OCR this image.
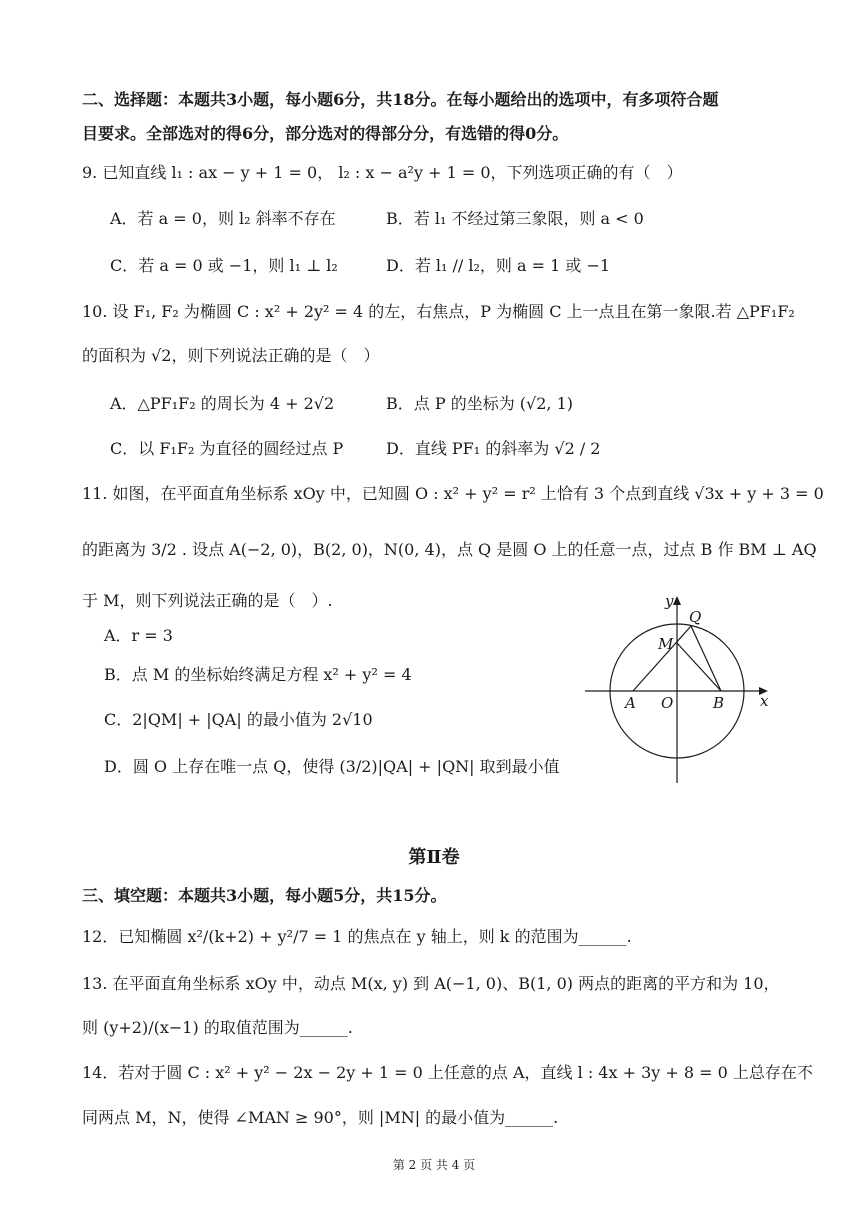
二、选择题：本题共3小题，每小题6分，共18分。在每小题给出的选项中，有多项符合题
目要求。全部选对的得6分，部分选对的得部分分，有选错的得0分。
9. 已知直线 l₁ : ax − y + 1 = 0， l₂ : x − a²y + 1 = 0，下列选项正确的有（　）
A．若 a = 0，则 l₂ 斜率不存在	B．若 l₁ 不经过第三象限，则 a < 0
C．若 a = 0 或 −1，则 l₁ ⊥ l₂	D．若 l₁ // l₂，则 a = 1 或 −1
10. 设 F₁, F₂ 为椭圆 C : x² + 2y² = 4 的左，右焦点，P 为椭圆 C 上一点且在第一象限.若 △PF₁F₂
的面积为 √2，则下列说法正确的是（　）
A．△PF₁F₂ 的周长为 4 + 2√2	B．点 P 的坐标为 (√2, 1)
C．以 F₁F₂ 为直径的圆经过点 P	D．直线 PF₁ 的斜率为 √2 / 2
11. 如图，在平面直角坐标系 xOy 中，已知圆 O : x² + y² = r² 上恰有 3 个点到直线 √3x + y + 3 = 0
的距离为 3/2 . 设点 A(−2, 0)，B(2, 0)，N(0, 4)，点 Q 是圆 O 上的任意一点，过点 B 作 BM ⊥ AQ
于 M，则下列说法正确的是（　）.
A．r = 3
B．点 M 的坐标始终满足方程 x² + y² = 4
C．2|QM| + |QA| 的最小值为 2√10
D．圆 O 上存在唯一点 Q，使得 (3/2)|QA| + |QN| 取到最小值
y
x
Q
M
A O	B
第Ⅱ卷
三、填空题：本题共3小题，每小题5分，共15分。
12．已知椭圆 x²/(k+2) + y²/7 = 1 的焦点在 y 轴上，则 k 的范围为______.
13. 在平面直角坐标系 xOy 中，动点 M(x, y) 到 A(−1, 0)、B(1, 0) 两点的距离的平方和为 10，
则 (y+2)/(x−1) 的取值范围为______.
14．若对于圆 C : x² + y² − 2x − 2y + 1 = 0 上任意的点 A，直线 l : 4x + 3y + 8 = 0 上总存在不
同两点 M，N，使得 ∠MAN ≥ 90°，则 |MN| 的最小值为______.
第 2 页 共 4 页
